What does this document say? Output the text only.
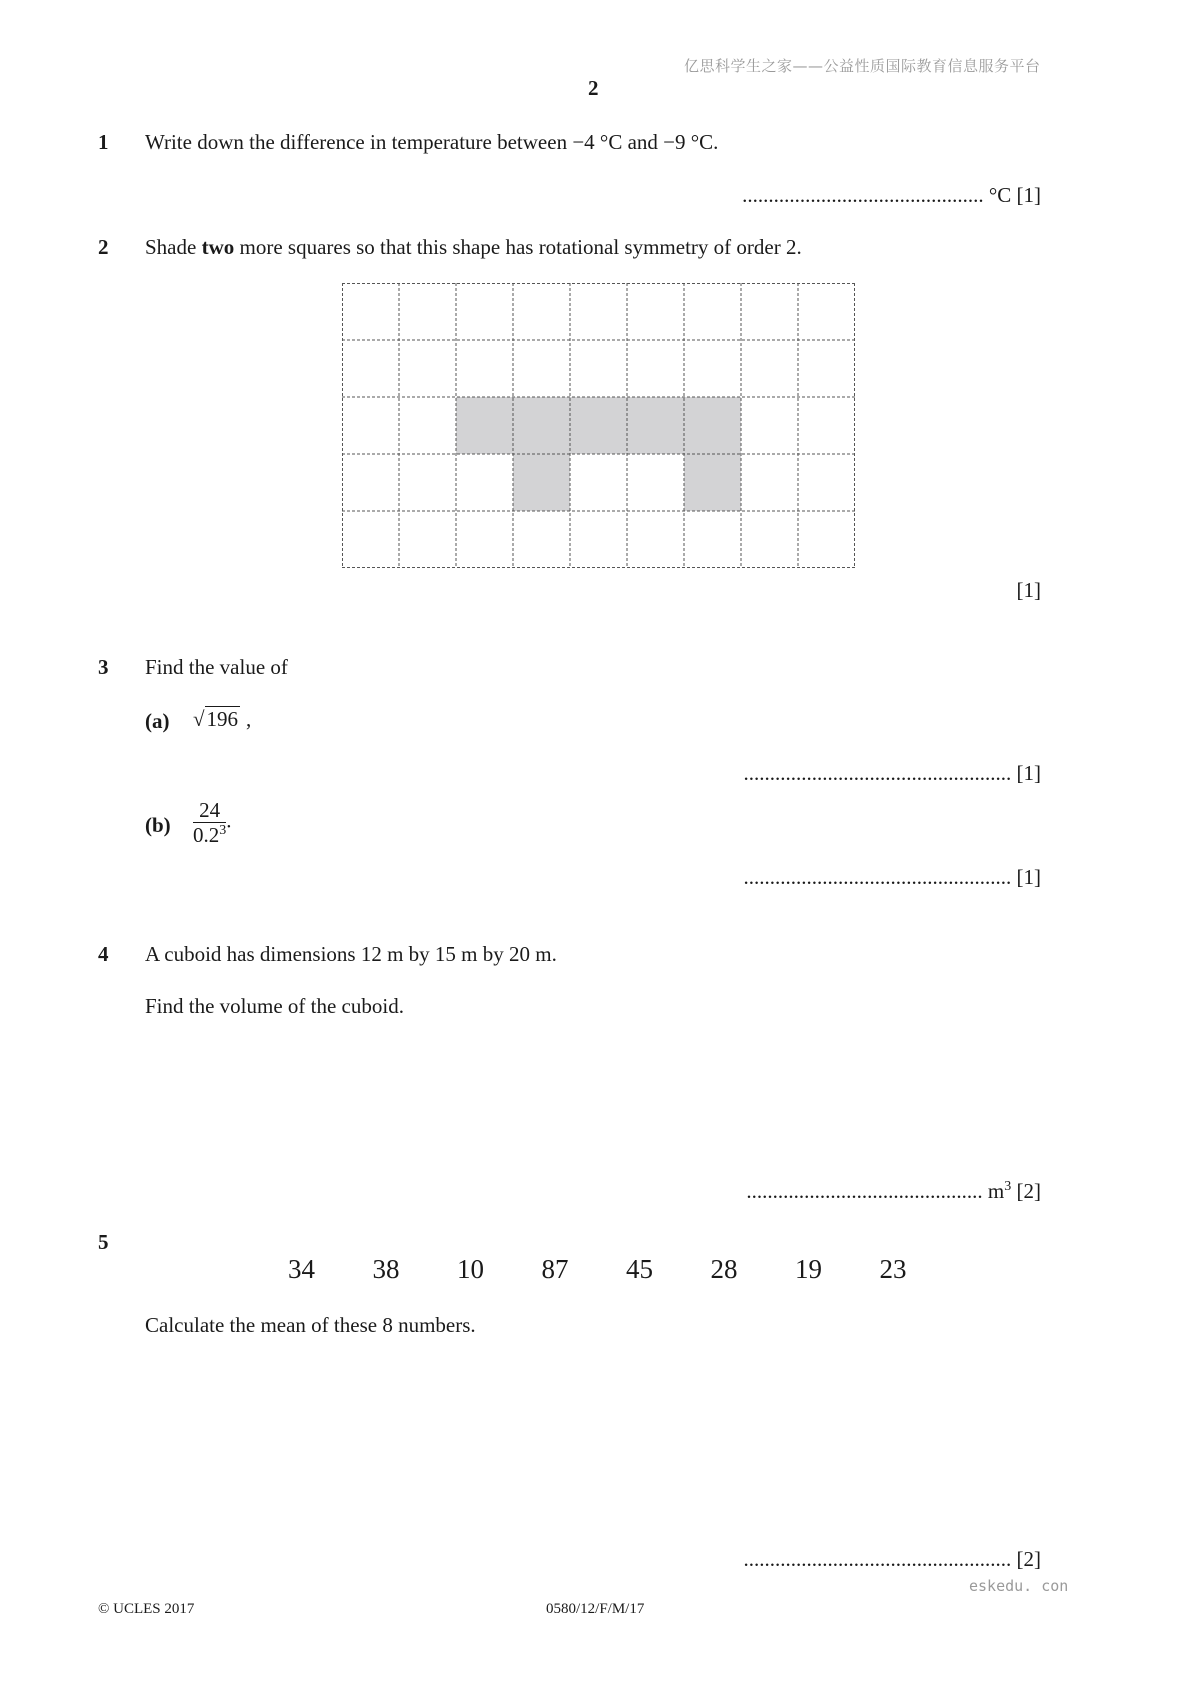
亿思科学生之家——公益性质国际教育信息服务平台
2
1 Write down the difference in temperature between −4 °C and −9 °C.
.............................................. °C [1]
2 Shade two more squares so that this shape has rotational symmetry of order 2.
[1]
3 Find the value of
(a) √196 ,
................................................... [1]
$(b) \frac{24}{0.2^3}$ .
................................................... [1]
4 A cuboid has dimensions 12 m by 15 m by 20 m.
Find the volume of the cuboid.
............................................. $m^3$ [2]
5
34 38 10 87 45 28 19 23
Calculate the mean of these 8 numbers.
................................................... [2]
eskedu. con
© UCLES 2017	0580/12/F/M/17
